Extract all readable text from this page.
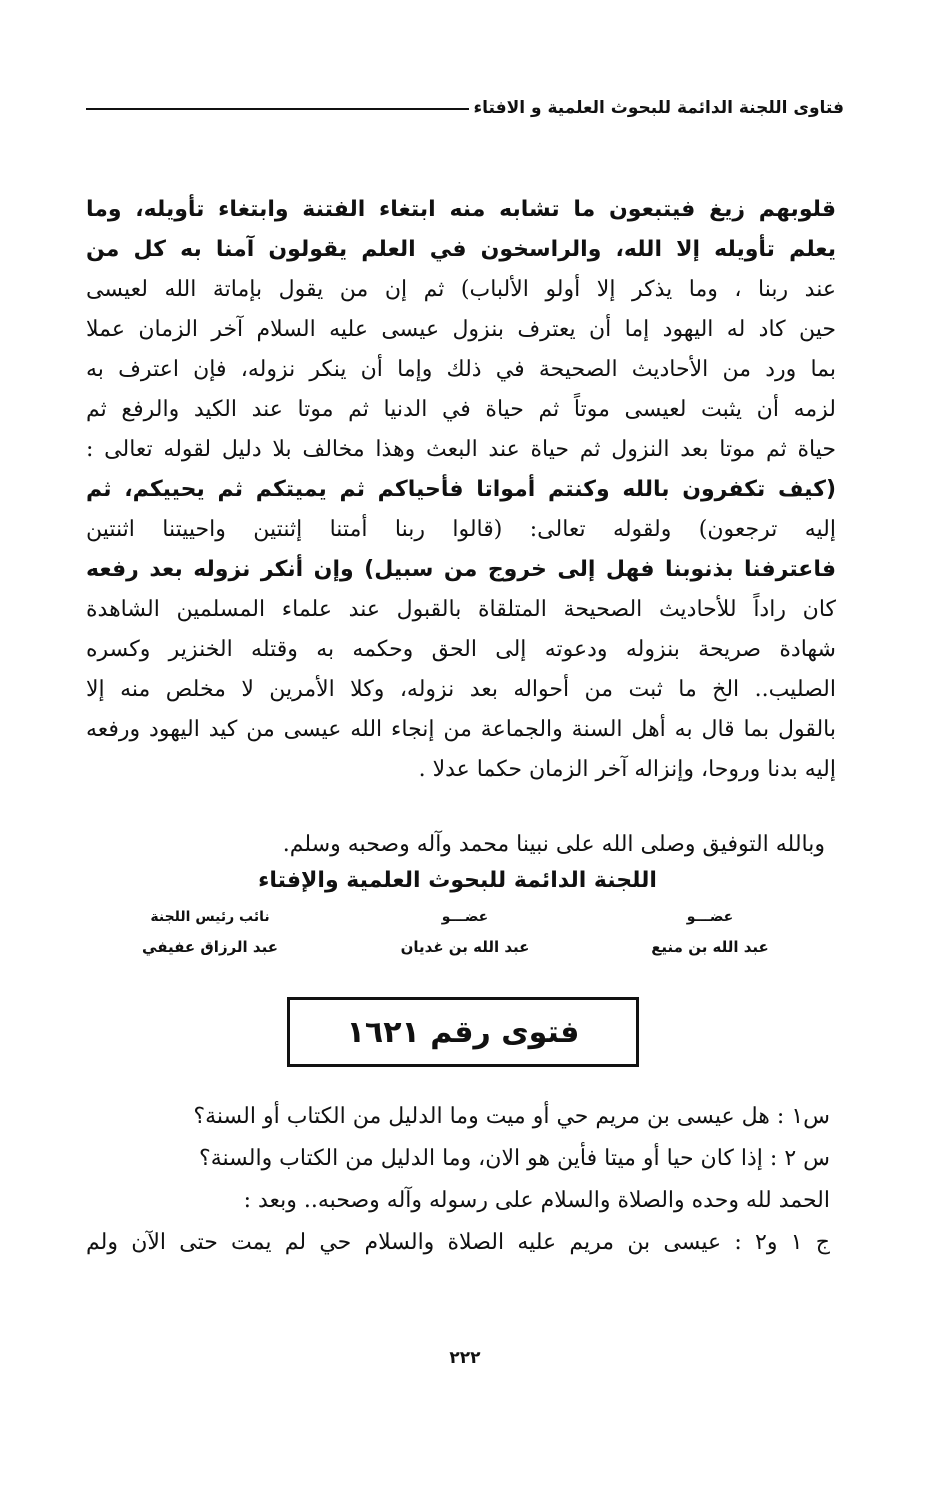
فتاوى اللجنة الدائمة للبحوث العلمية و الافتاء
قلوبهم زيغ فيتبعون ما تشابه منه ابتغاء الفتنة وابتغاء تأويله، وما
يعلم تأويله إلا الله، والراسخون في العلم يقولون آمنا به كل من
عند ربنا ، وما يذكر إلا أولو الألباب) ثم إن من يقول بإماتة الله لعيسى
حين كاد له اليهود إما أن يعترف بنزول عيسى عليه السلام آخر الزمان عملا
بما ورد من الأحاديث الصحيحة في ذلك وإما أن ينكر نزوله، فإن اعترف به
لزمه أن يثبت لعيسى موتاً ثم حياة في الدنيا ثم موتا عند الكيد والرفع ثم
حياة ثم موتا بعد النزول ثم حياة عند البعث وهذا مخالف بلا دليل لقوله تعالى :
(كيف تكفرون بالله وكنتم أمواتا فأحياكم ثم يميتكم ثم يحييكم، ثم
إليه ترجعون) ولقوله تعالى: (قالوا ربنا أمتنا إثنتين واحييتنا اثنتين
فاعترفنا بذنوبنا فهل إلى خروج من سبيل) وإن أنكر نزوله بعد رفعه
كان راداً للأحاديث الصحيحة المتلقاة بالقبول عند علماء المسلمين الشاهدة
شهادة صريحة بنزوله ودعوته إلى الحق وحكمه به وقتله الخنزير وكسره
الصليب.. الخ ما ثبت من أحواله بعد نزوله، وكلا الأمرين لا مخلص منه إلا
بالقول بما قال به أهل السنة والجماعة من إنجاء الله عيسى من كيد اليهود ورفعه
إليه بدنا وروحا، وإنزاله آخر الزمان حكما عدلا .
وبالله التوفيق وصلى الله على نبينا محمد وآله وصحبه وسلم.
اللجنة الدائمة للبحوث العلمية والإفتاء
عضـــو
عبد الله بن منيع
عضـــو
عبد الله بن غديان
نائب رئيس اللجنة
عبد الرزاق عفيفي
فتوى رقم ١٦٢١
س١ : هل عيسى بن مريم حي أو ميت وما الدليل من الكتاب أو السنة؟
س ٢ : إذا كان حيا أو ميتا فأين هو الان، وما الدليل من الكتاب والسنة؟
الحمد لله وحده والصلاة والسلام على رسوله وآله وصحبه.. وبعد :
ج ١ و٢ : عيسى بن مريم عليه الصلاة والسلام حي لم يمت حتى الآن ولم
٢٢٢
